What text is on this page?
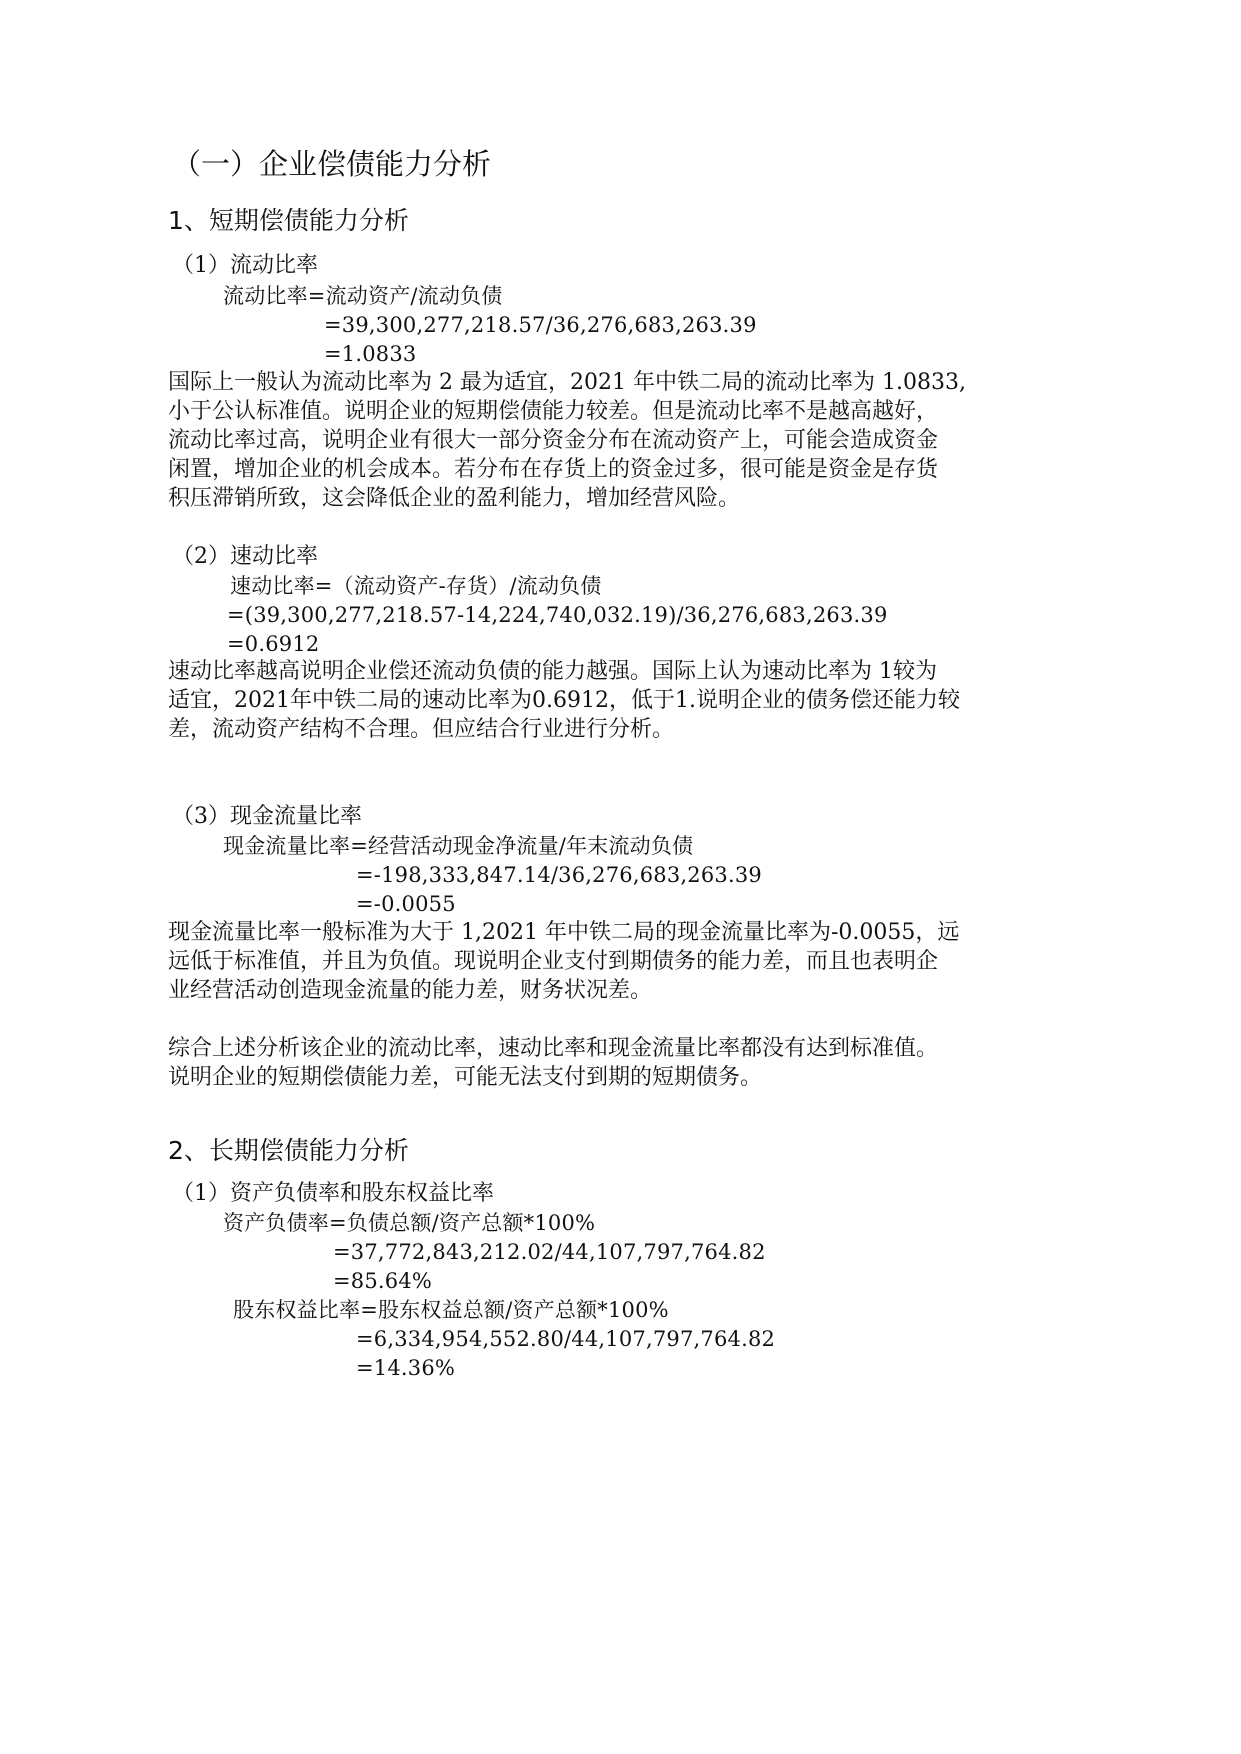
（一）企业偿债能力分析
1、短期偿债能力分析
（1）流动比率
流动比率=流动资产/流动负债
=39,300,277,218.57/36,276,683,263.39
=1.0833
国际上一般认为流动比率为 2 最为适宜，2021 年中铁二局的流动比率为 1.0833,
小于公认标准值。说明企业的短期偿债能力较差。但是流动比率不是越高越好，
流动比率过高，说明企业有很大一部分资金分布在流动资产上，可能会造成资金
闲置，增加企业的机会成本。若分布在存货上的资金过多，很可能是资金是存货
积压滞销所致，这会降低企业的盈利能力，增加经营风险。
（2）速动比率
速动比率=（流动资产-存货）/流动负债
=(39,300,277,218.57-14,224,740,032.19)/36,276,683,263.39
=0.6912
速动比率越高说明企业偿还流动负债的能力越强。国际上认为速动比率为 1较为
适宜，2021年中铁二局的速动比率为0.6912，低于1.说明企业的债务偿还能力较
差，流动资产结构不合理。但应结合行业进行分析。
（3）现金流量比率
现金流量比率=经营活动现金净流量/年末流动负债
=-198,333,847.14/36,276,683,263.39
=-0.0055
现金流量比率一般标准为大于 1,2021 年中铁二局的现金流量比率为-0.0055，远
远低于标准值，并且为负值。现说明企业支付到期债务的能力差，而且也表明企
业经营活动创造现金流量的能力差，财务状况差。
综合上述分析该企业的流动比率，速动比率和现金流量比率都没有达到标准值。
说明企业的短期偿债能力差，可能无法支付到期的短期债务。
2、长期偿债能力分析
（1）资产负债率和股东权益比率
资产负债率=负债总额/资产总额*100%
=37,772,843,212.02/44,107,797,764.82
=85.64%
股东权益比率=股东权益总额/资产总额*100%
=6,334,954,552.80/44,107,797,764.82
=14.36%
